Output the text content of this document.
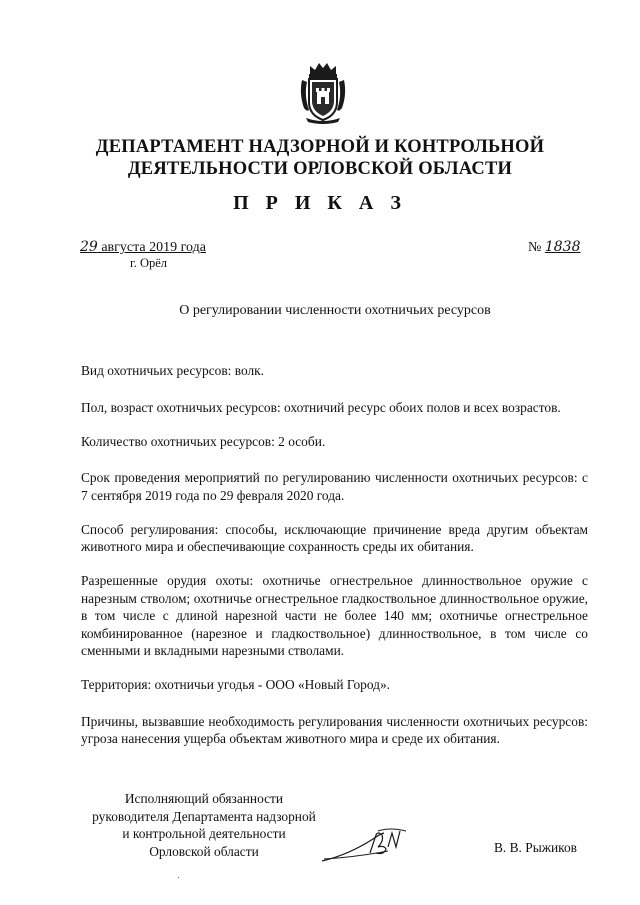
ДЕПАРТАМЕНТ НАДЗОРНОЙ И КОНТРОЛЬНОЙ
ДЕЯТЕЛЬНОСТИ ОРЛОВСКОЙ ОБЛАСТИ
П Р И К А З
29 августа 2019 года
г. Орёл
№ 1838
О регулировании численности охотничьих ресурсов

Вид охотничьих ресурсов: волк.

Пол, возраст охотничьих ресурсов: охотничий ресурс обоих полов и всех возрастов.

Количество охотничьих ресурсов: 2 особи.

Срок проведения мероприятий по регулированию численности охотничьих ресурсов: с 7 сентября 2019 года по 29 февраля 2020 года.

Способ регулирования: способы, исключающие причинение вреда другим объектам животного мира и обеспечивающие сохранность среды их обитания.

Разрешенные орудия охоты: охотничье огнестрельное длинноствольное оружие с нарезным стволом; охотничье огнестрельное гладкоствольное длинноствольное оружие, в том числе с длиной нарезной части не более 140 мм; охотничье огнестрельное комбинированное (нарезное и гладкоствольное) длинноствольное, в том числе со сменными и вкладными нарезными стволами.

Территория: охотничьи угодья - ООО «Новый Город».

Причины, вызвавшие необходимость регулирования численности охотничьих ресурсов: угроза нанесения ущерба объектам животного мира и среде их обитания.

Исполняющий обязанности
руководителя Департамента надзорной
и контрольной деятельности
Орловской области	В. В. Рыжиков
